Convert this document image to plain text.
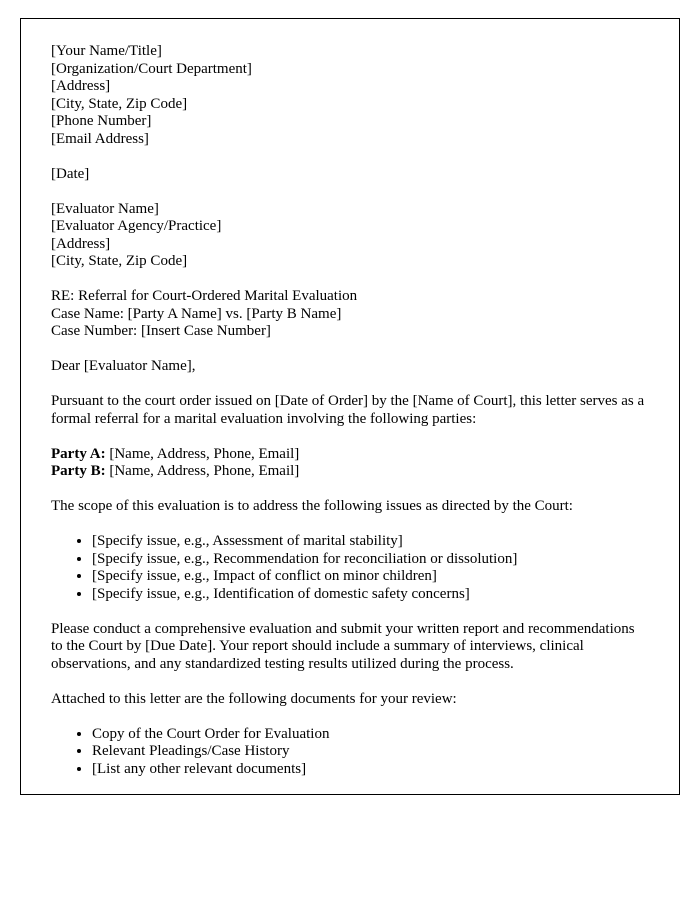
[Your Name/Title]
[Organization/Court Department]
[Address]
[City, State, Zip Code]
[Phone Number]
[Email Address]
[Date]
[Evaluator Name]
[Evaluator Agency/Practice]
[Address]
[City, State, Zip Code]
RE: Referral for Court-Ordered Marital Evaluation
Case Name: [Party A Name] vs. [Party B Name]
Case Number: [Insert Case Number]
Dear [Evaluator Name],
Pursuant to the court order issued on [Date of Order] by the [Name of Court], this letter serves as a formal referral for a marital evaluation involving the following parties:
Party A: [Name, Address, Phone, Email]
Party B: [Name, Address, Phone, Email]
The scope of this evaluation is to address the following issues as directed by the Court:
• [Specify issue, e.g., Assessment of marital stability]
• [Specify issue, e.g., Recommendation for reconciliation or dissolution]
• [Specify issue, e.g., Impact of conflict on minor children]
• [Specify issue, e.g., Identification of domestic safety concerns]
Please conduct a comprehensive evaluation and submit your written report and recommendations to the Court by [Due Date]. Your report should include a summary of interviews, clinical observations, and any standardized testing results utilized during the process.
Attached to this letter are the following documents for your review:
• Copy of the Court Order for Evaluation
• Relevant Pleadings/Case History
• [List any other relevant documents]
